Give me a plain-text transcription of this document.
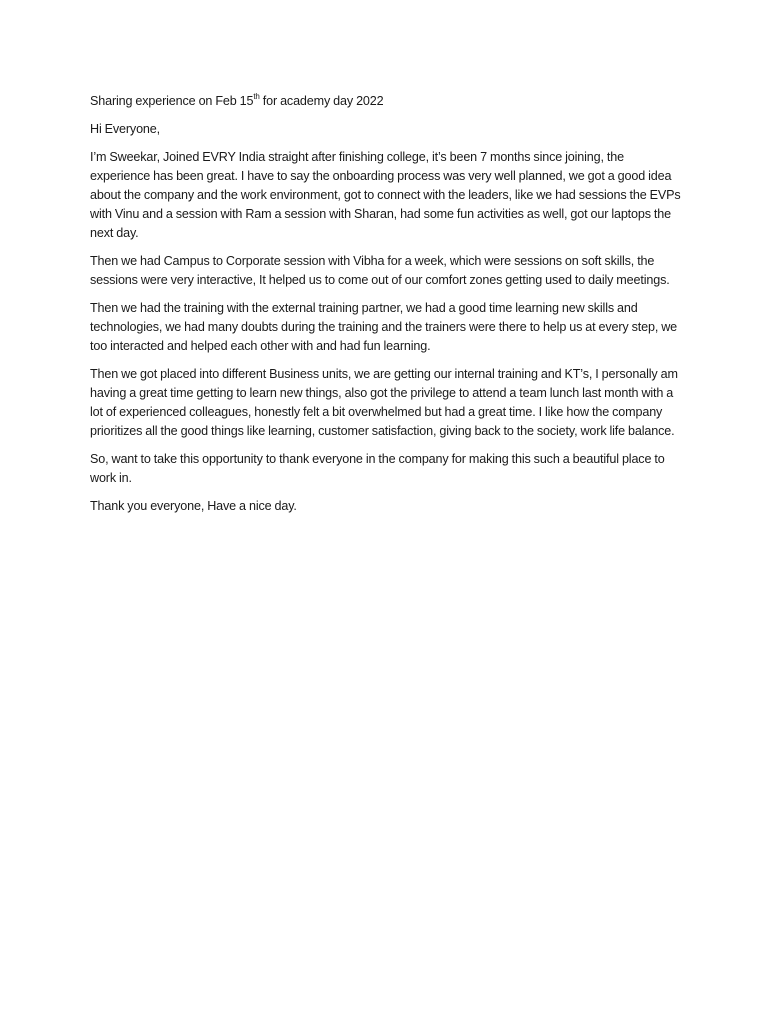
Sharing experience on Feb 15th for academy day 2022

Hi Everyone,

I’m Sweekar, Joined EVRY India straight after finishing college, it’s been 7 months since joining, the experience has been great. I have to say the onboarding process was very well planned, we got a good idea about the company and the work environment, got to connect with the leaders, like we had sessions the EVPs with Vinu and a session with Ram a session with Sharan, had some fun activities as well, got our laptops the next day.

Then we had Campus to Corporate session with Vibha for a week, which were sessions on soft skills, the sessions were very interactive, It helped us to come out of our comfort zones getting used to daily meetings.

Then we had the training with the external training partner, we had a good time learning new skills and technologies, we had many doubts during the training and the trainers were there to help us at every step, we too interacted and helped each other with and had fun learning.

Then we got placed into different Business units, we are getting our internal training and KT’s, I personally am having a great time getting to learn new things, also got the privilege to attend a team lunch last month with a lot of experienced colleagues, honestly felt a bit overwhelmed but had a great time. I like how the company prioritizes all the good things like learning, customer satisfaction, giving back to the society, work life balance.

So, want to take this opportunity to thank everyone in the company for making this such a beautiful place to work in.

Thank you everyone, Have a nice day.
